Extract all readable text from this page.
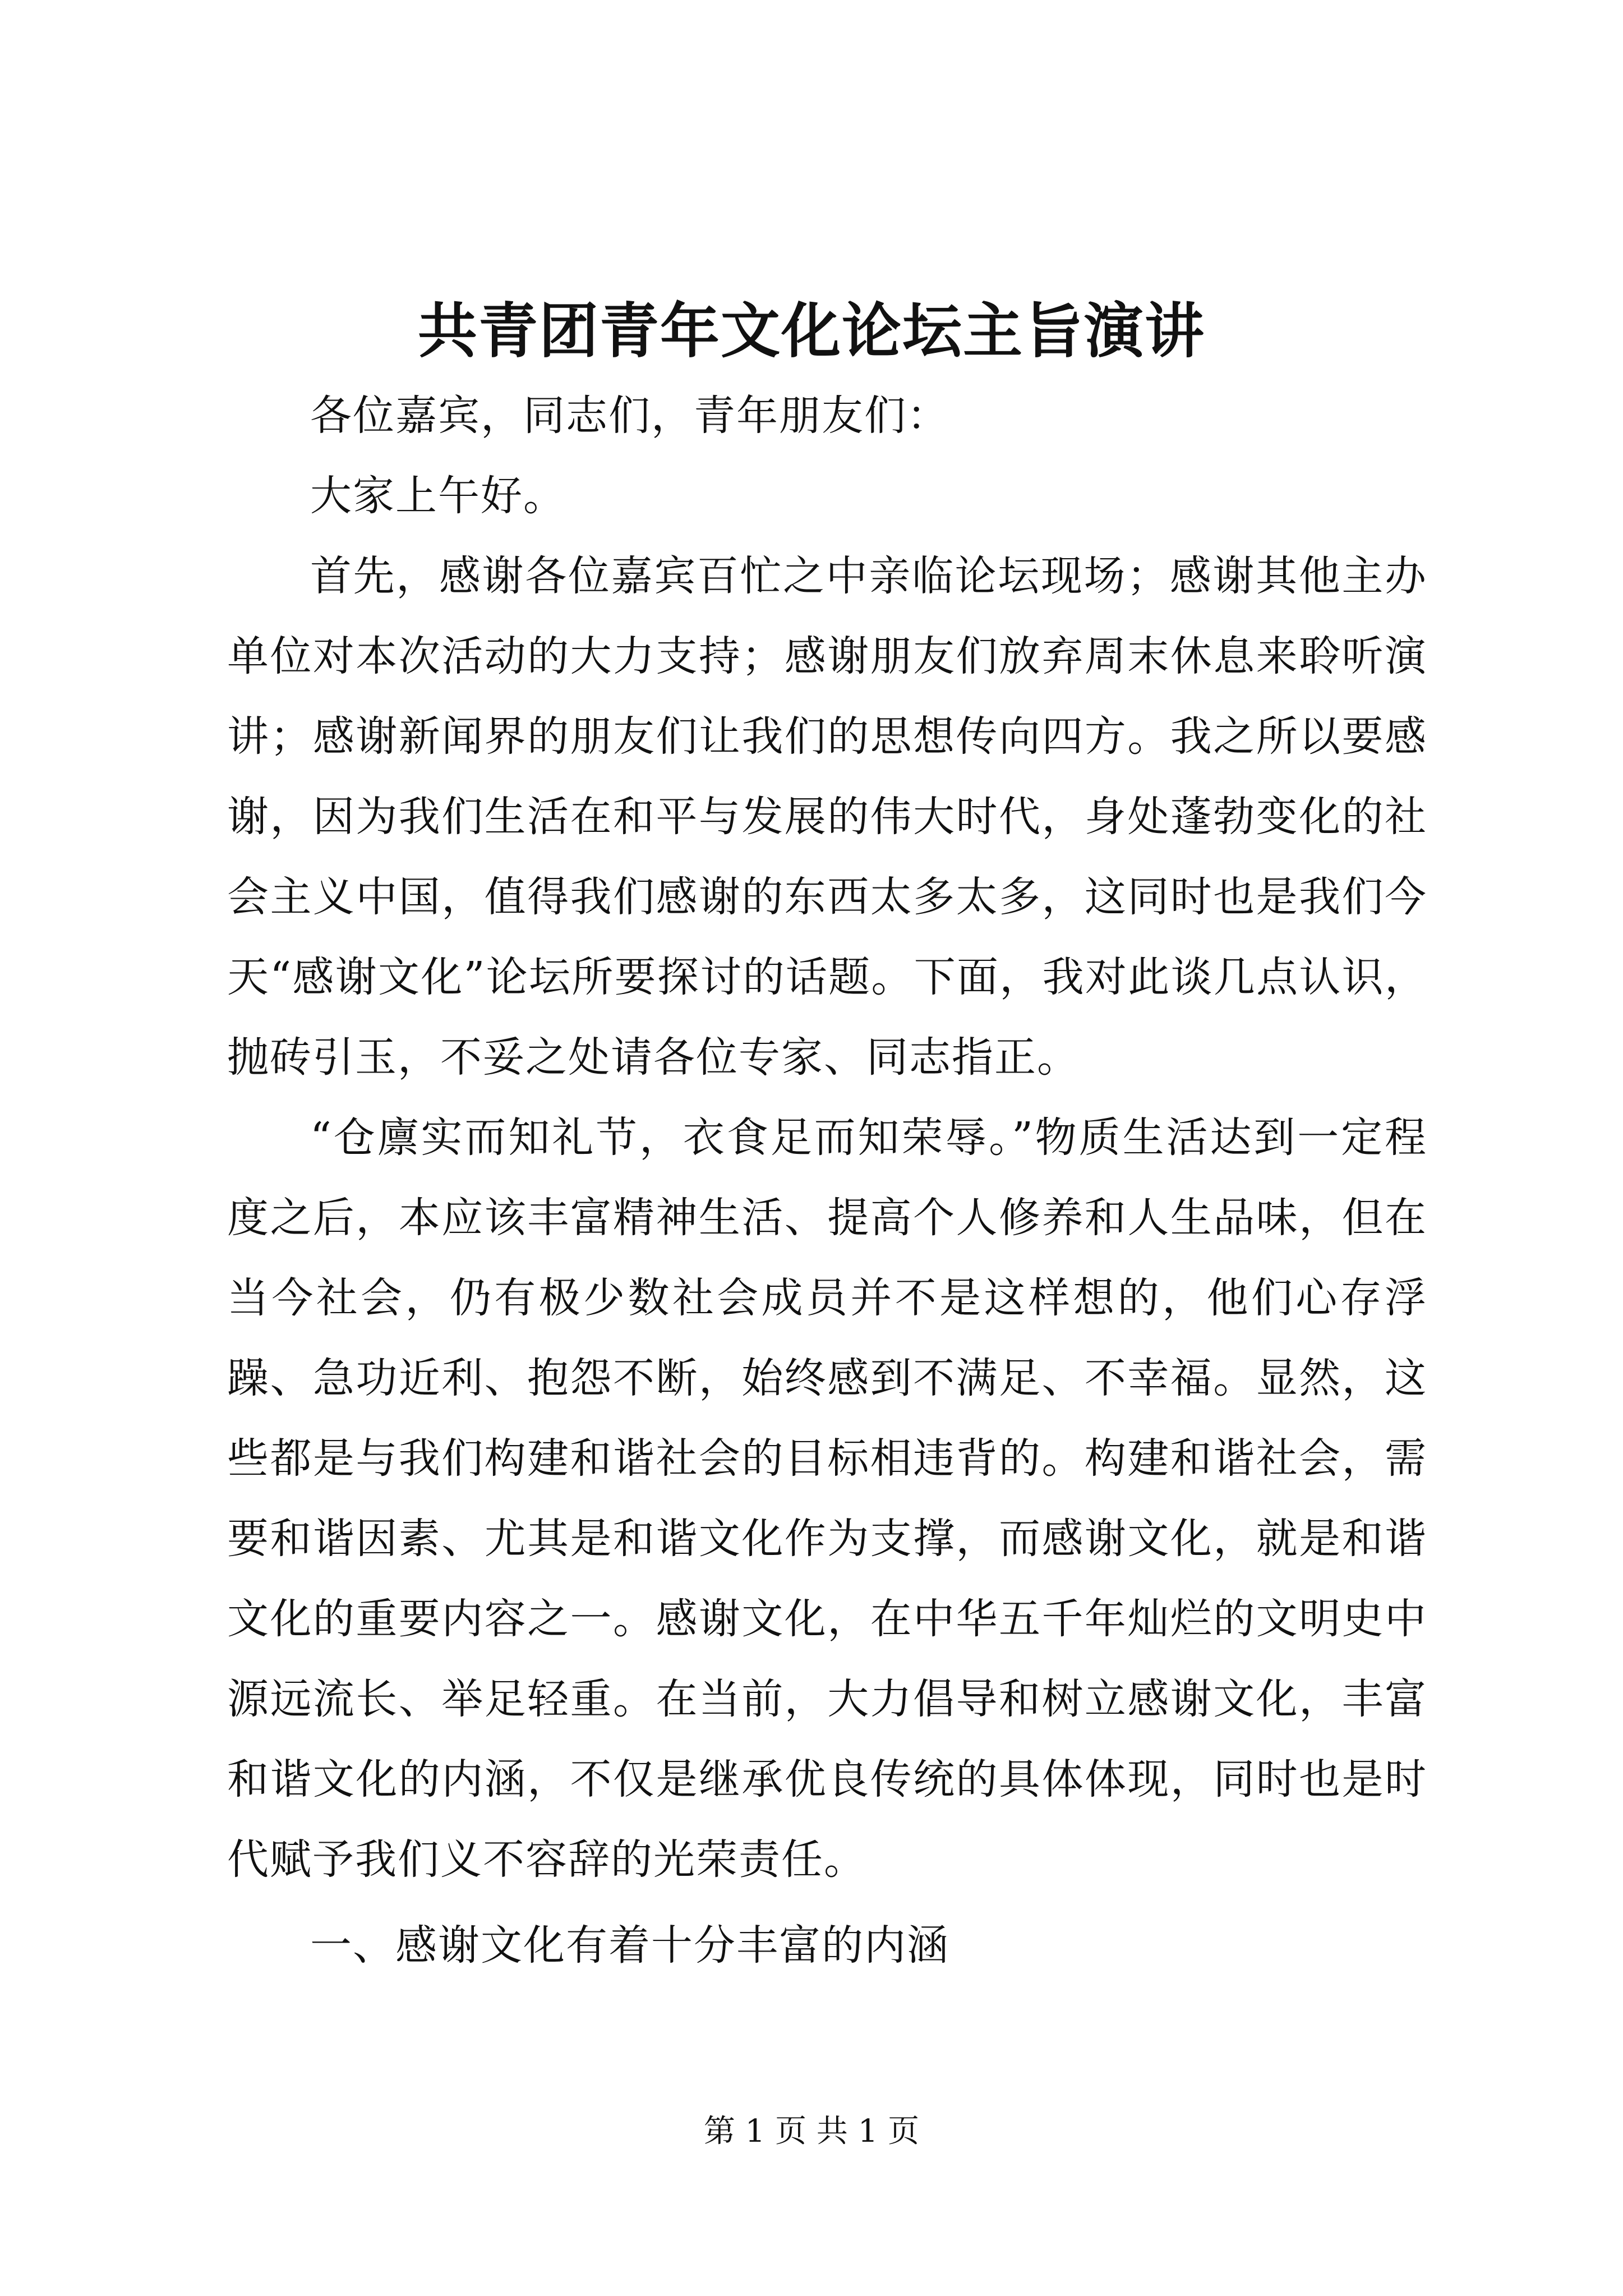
共青团青年文化论坛主旨演讲

各位嘉宾，同志们，青年朋友们：

大家上午好。

首先，感谢各位嘉宾百忙之中亲临论坛现场；感谢其他主办单位对本次活动的大力支持；感谢朋友们放弃周末休息来聆听演讲；感谢新闻界的朋友们让我们的思想传向四方。我之所以要感谢，因为我们生活在和平与发展的伟大时代，身处蓬勃变化的社会主义中国，值得我们感谢的东西太多太多，这同时也是我们今天“感谢文化”论坛所要探讨的话题。下面，我对此谈几点认识，抛砖引玉，不妥之处请各位专家、同志指正。

“仓廪实而知礼节，衣食足而知荣辱。”物质生活达到一定程度之后，本应该丰富精神生活、提高个人修养和人生品味，但在当今社会，仍有极少数社会成员并不是这样想的，他们心存浮躁、急功近利、抱怨不断，始终感到不满足、不幸福。显然，这些都是与我们构建和谐社会的目标相违背的。构建和谐社会，需要和谐因素、尤其是和谐文化作为支撑，而感谢文化，就是和谐文化的重要内容之一。感谢文化，在中华五千年灿烂的文明史中源远流长、举足轻重。在当前，大力倡导和树立感谢文化，丰富和谐文化的内涵，不仅是继承优良传统的具体体现，同时也是时代赋予我们义不容辞的光荣责任。

一、感谢文化有着十分丰富的内涵

第 1 页 共 1 页
